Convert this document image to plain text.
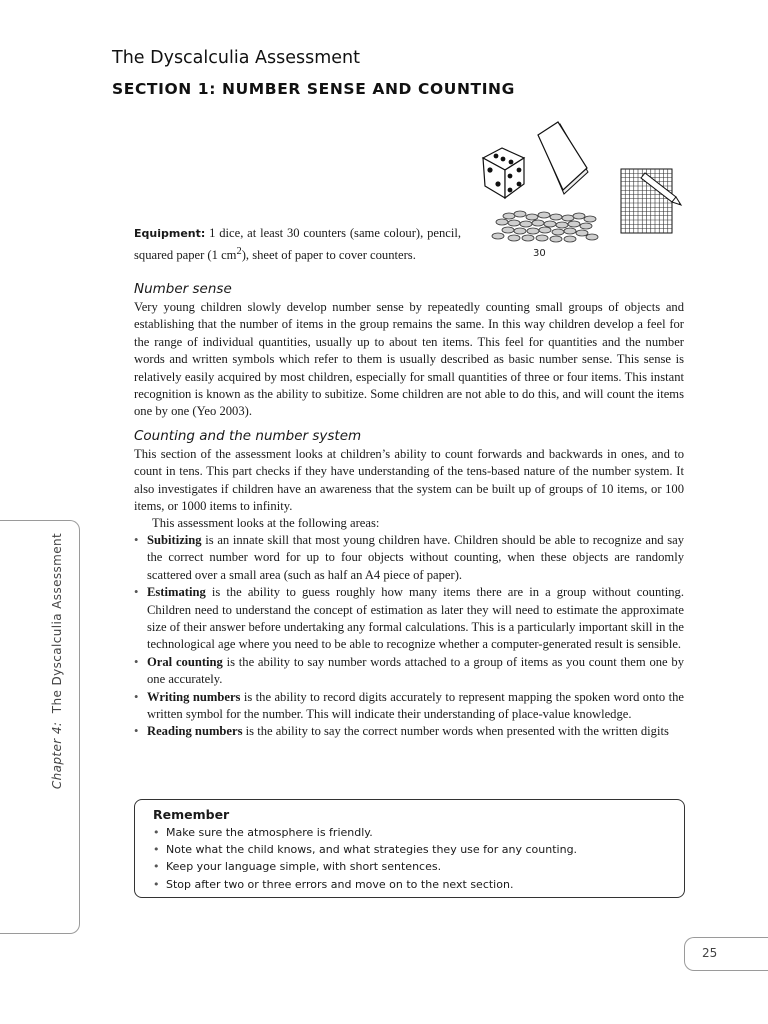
The Dyscalculia Assessment
SECTION 1: NUMBER SENSE AND COUNTING
30
Equipment: 1 dice, at least 30 counters (same colour), pencil, squared paper (1 $cm^2$), sheet of paper to cover counters.
Number sense
Very young children slowly develop number sense by repeatedly counting small groups of objects and establishing that the number of items in the group remains the same. In this way children develop a feel for the range of individual quantities, usually up to about ten items. This feel for quantities and the number words and written symbols which refer to them is usually described as basic number sense. This sense is relatively easily acquired by most children, especially for small quantities of three or four items. This instant recognition is known as the ability to subitize. Some children are not able to do this, and will count the items one by one (Yeo 2003).
Counting and the number system
This section of the assessment looks at children’s ability to count forwards and backwards in ones, and to count in tens. This part checks if they have understanding of the tens-based nature of the number system. It also investigates if children have an awareness that the system can be built up of groups of 10 items, or 100 items, or 1000 items to infinity.
This assessment looks at the following areas:
• Subitizing is an innate skill that most young children have. Children should be able to recognize and say the correct number word for up to four objects without counting, when these objects are randomly scattered over a small area (such as half an A4 piece of paper).
• Estimating is the ability to guess roughly how many items there are in a group without counting. Children need to understand the concept of estimation as later they will need to estimate the approximate size of their answer before undertaking any formal calculations. This is a particularly important skill in the technological age where you need to be able to recognize whether a computer-generated result is sensible.
• Oral counting is the ability to say number words attached to a group of items as you count them one by one accurately.
• Writing numbers is the ability to record digits accurately to represent mapping the spoken word onto the written symbol for the number. This will indicate their understanding of place-value knowledge.
• Reading numbers is the ability to say the correct number words when presented with the written digits
Chapter 4:  The Dyscalculia Assessment
Remember
• Make sure the atmosphere is friendly.
• Note what the child knows, and what strategies they use for any counting.
• Keep your language simple, with short sentences.
• Stop after two or three errors and move on to the next section.
25
